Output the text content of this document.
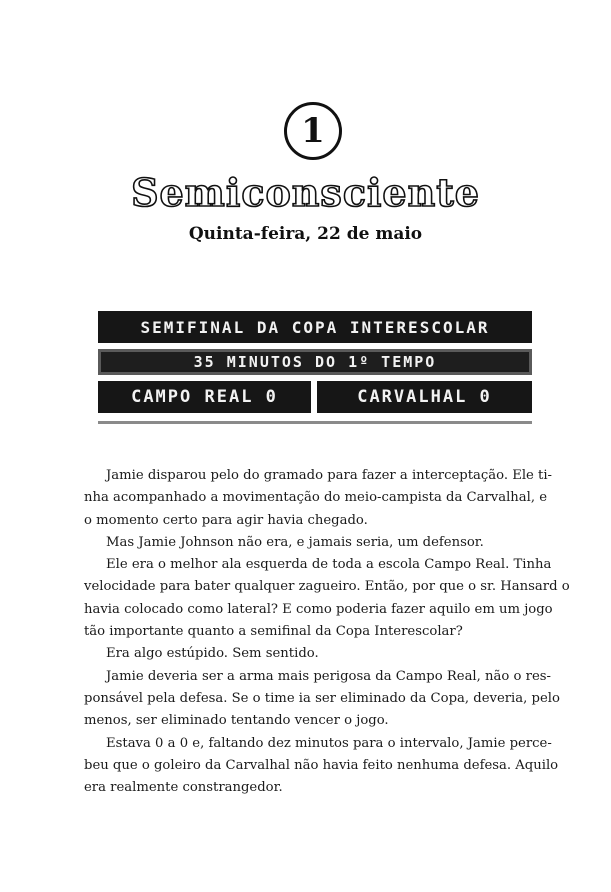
1
Semiconsciente
Quinta-feira, 22 de maio
SEMIFINAL DA COPA INTERESCOLAR
35 MINUTOS DO 1º TEMPO
CAMPO REAL 0	CARVALHAL 0
Jamie disparou pelo do gramado para fazer a interceptação. Ele ti-
nha acompanhado a movimentação do meio-campista da Carvalhal, e
o momento certo para agir havia chegado.
Mas Jamie Johnson não era, e jamais seria, um defensor.
Ele era o melhor ala esquerda de toda a escola Campo Real. Tinha
velocidade para bater qualquer zagueiro. Então, por que o sr. Hansard o
havia colocado como lateral? E como poderia fazer aquilo em um jogo
tão importante quanto a semifinal da Copa Interescolar?
Era algo estúpido. Sem sentido.
Jamie deveria ser a arma mais perigosa da Campo Real, não o res-
ponsável pela defesa. Se o time ia ser eliminado da Copa, deveria, pelo
menos, ser eliminado tentando vencer o jogo.
Estava 0 a 0 e, faltando dez minutos para o intervalo, Jamie perce-
beu que o goleiro da Carvalhal não havia feito nenhuma defesa. Aquilo
era realmente constrangedor.
